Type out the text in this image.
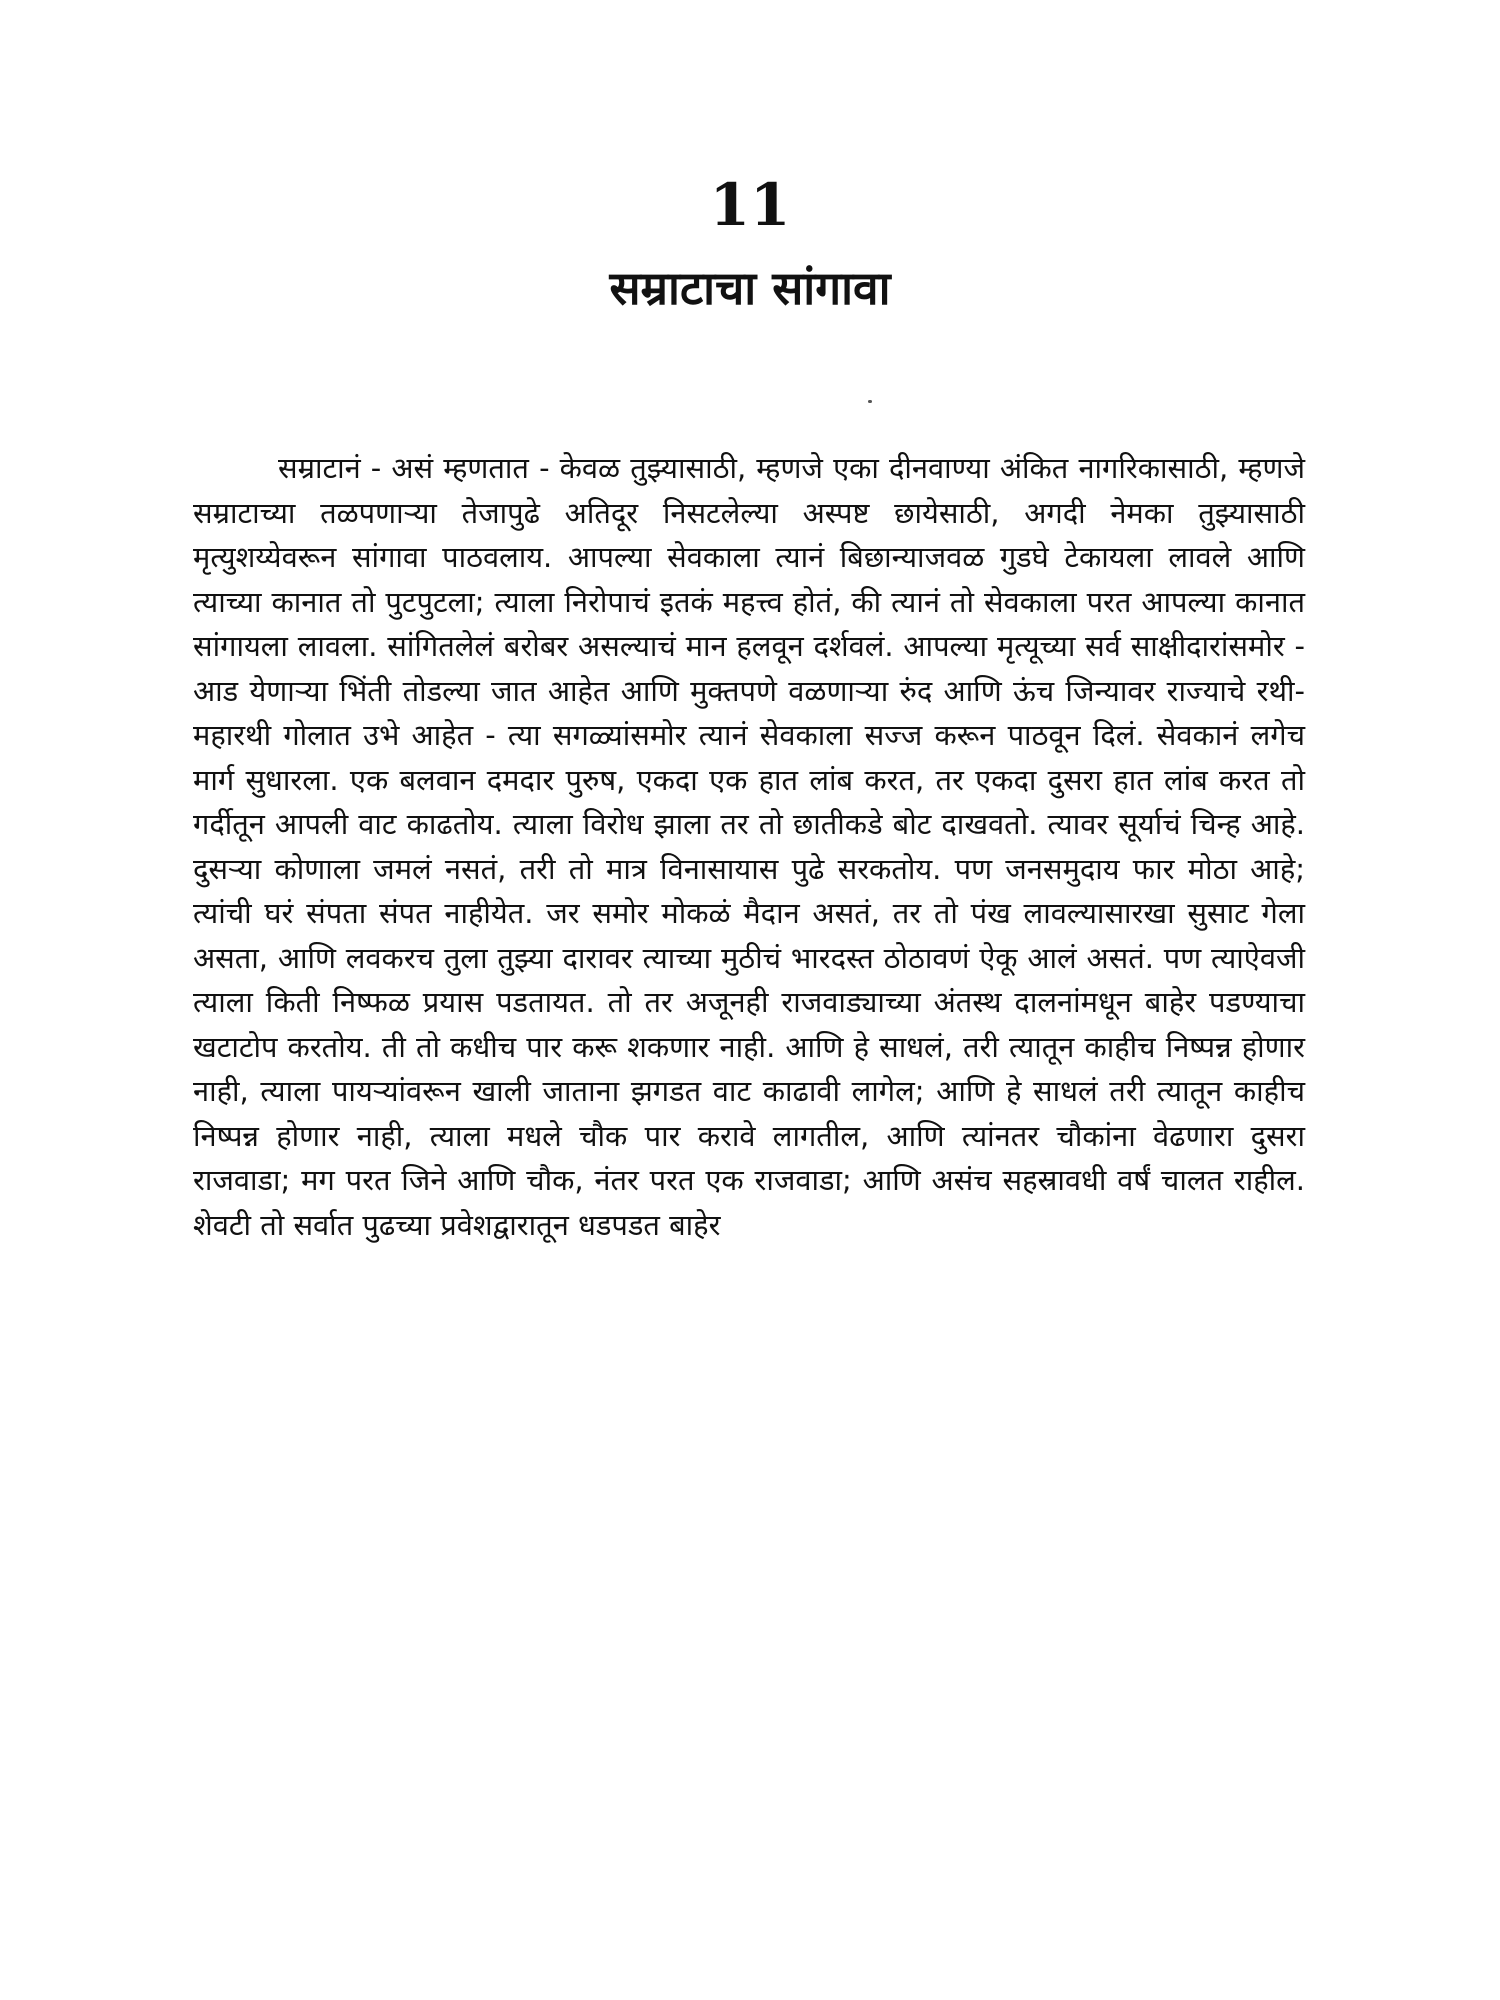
11
सम्राटाचा सांगावा

सम्राटानं - असं म्हणतात - केवळ तुझ्यासाठी, म्हणजे एका दीनवाण्या अंकित नागरिकासाठी, म्हणजे सम्राटाच्या तळपणाऱ्या तेजापुढे अतिदूर निसटलेल्या अस्पष्ट छायेसाठी, अगदी नेमका तुझ्यासाठी मृत्युशय्येवरून सांगावा पाठवलाय. आपल्या सेवकाला त्यानं बिछान्याजवळ गुडघे टेकायला लावले आणि त्याच्या कानात तो पुटपुटला; त्याला निरोपाचं इतकं महत्त्व होतं, की त्यानं तो सेवकाला परत आपल्या कानात सांगायला लावला. सांगितलेलं बरोबर असल्याचं मान हलवून दर्शवलं. आपल्या मृत्यूच्या सर्व साक्षीदारांसमोर - आड येणाऱ्या भिंती तोडल्या जात आहेत आणि मुक्तपणे वळणाऱ्या रुंद आणि ऊंच जिन्यावर राज्याचे रथी-महारथी गोलात उभे आहेत - त्या सगळ्यांसमोर त्यानं सेवकाला सज्ज करून पाठवून दिलं. सेवकानं लगेच मार्ग सुधारला. एक बलवान दमदार पुरुष, एकदा एक हात लांब करत, तर एकदा दुसरा हात लांब करत तो गर्दीतून आपली वाट काढतोय. त्याला विरोध झाला तर तो छातीकडे बोट दाखवतो. त्यावर सूर्याचं चिन्ह आहे. दुसऱ्या कोणाला जमलं नसतं, तरी तो मात्र विनासायास पुढे सरकतोय. पण जनसमुदाय फार मोठा आहे; त्यांची घरं संपता संपत नाहीयेत. जर समोर मोकळं मैदान असतं, तर तो पंख लावल्यासारखा सुसाट गेला असता, आणि लवकरच तुला तुझ्या दारावर त्याच्या मुठीचं भारदस्त ठोठावणं ऐकू आलं असतं. पण त्याऐवजी त्याला किती निष्फळ प्रयास पडतायत. तो तर अजूनही राजवाड्याच्या अंतस्थ दालनांमधून बाहेर पडण्याचा खटाटोप करतोय. ती तो कधीच पार करू शकणार नाही. आणि हे साधलं, तरी त्यातून काहीच निष्पन्न होणार नाही, त्याला पायऱ्यांवरून खाली जाताना झगडत वाट काढावी लागेल; आणि हे साधलं तरी त्यातून काहीच निष्पन्न होणार नाही, त्याला मधले चौक पार करावे लागतील, आणि त्यांनतर चौकांना वेढणारा दुसरा राजवाडा; मग परत जिने आणि चौक, नंतर परत एक राजवाडा; आणि असंच सहस्रावधी वर्षं चालत राहील. शेवटी तो सर्वात पुढच्या प्रवेशद्वारातून धडपडत बाहेर
